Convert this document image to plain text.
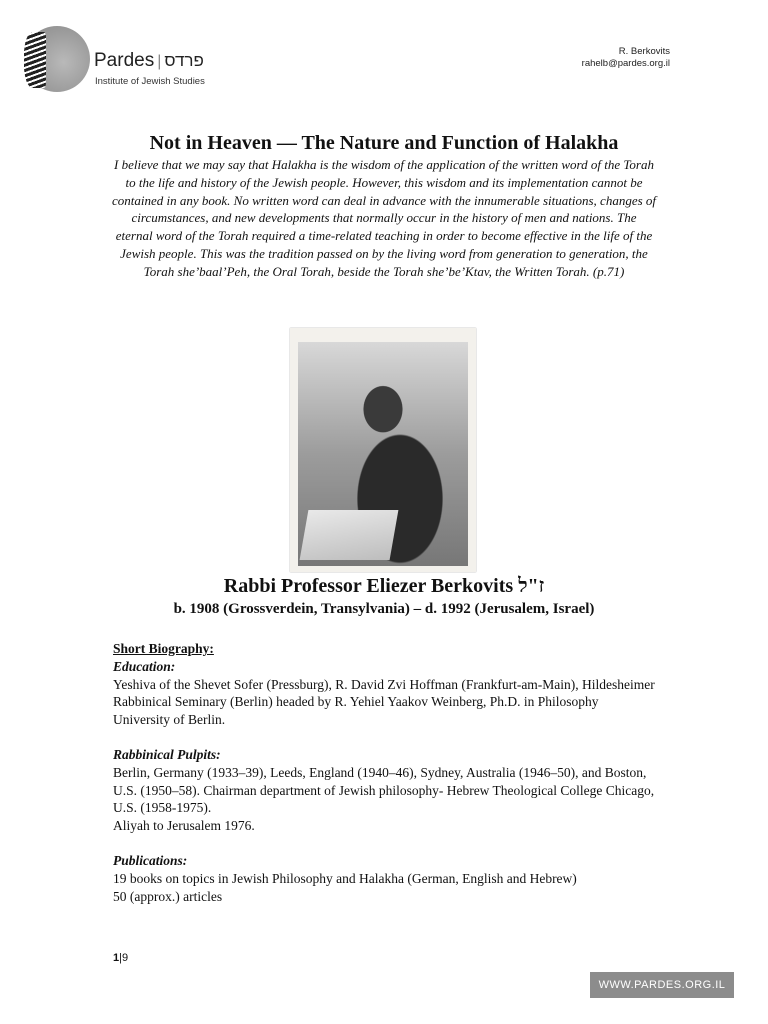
Pardes | פרדס
Institute of Jewish Studies
R. Berkovits
rahelb@pardes.org.il
Not in Heaven — The Nature and Function of Halakha
I believe that we may say that Halakha is the wisdom of the application of the written word of the Torah to the life and history of the Jewish people. However, this wisdom and its implementation cannot be contained in any book. No written word can deal in advance with the innumerable situations, changes of circumstances, and new developments that normally occur in the history of men and nations. The eternal word of the Torah required a time-related teaching in order to become effective in the life of the Jewish people. This was the tradition passed on by the living word from generation to generation, the Torah she’baal’Peh, the Oral Torah, beside the Torah she’be’Ktav, the Written Torah. (p.71)
Rabbi Professor Eliezer Berkovits ז"ל
b. 1908 (Grossverdein, Transylvania) – d. 1992 (Jerusalem, Israel)
Short Biography:
Education:
Yeshiva of the Shevet Sofer (Pressburg), R. David Zvi Hoffman (Frankfurt-am-Main), Hildesheimer Rabbinical Seminary (Berlin) headed by R. Yehiel Yaakov Weinberg, Ph.D. in Philosophy University of Berlin.
Rabbinical Pulpits:
Berlin, Germany (1933–39), Leeds, England (1940–46), Sydney, Australia (1946–50), and Boston, U.S. (1950–58). Chairman department of Jewish philosophy- Hebrew Theological College Chicago, U.S. (1958-1975).
Aliyah to Jerusalem 1976.
Publications:
19 books on topics in Jewish Philosophy and Halakha (German, English and Hebrew)
50 (approx.) articles
1|9
WWW.PARDES.ORG.IL
